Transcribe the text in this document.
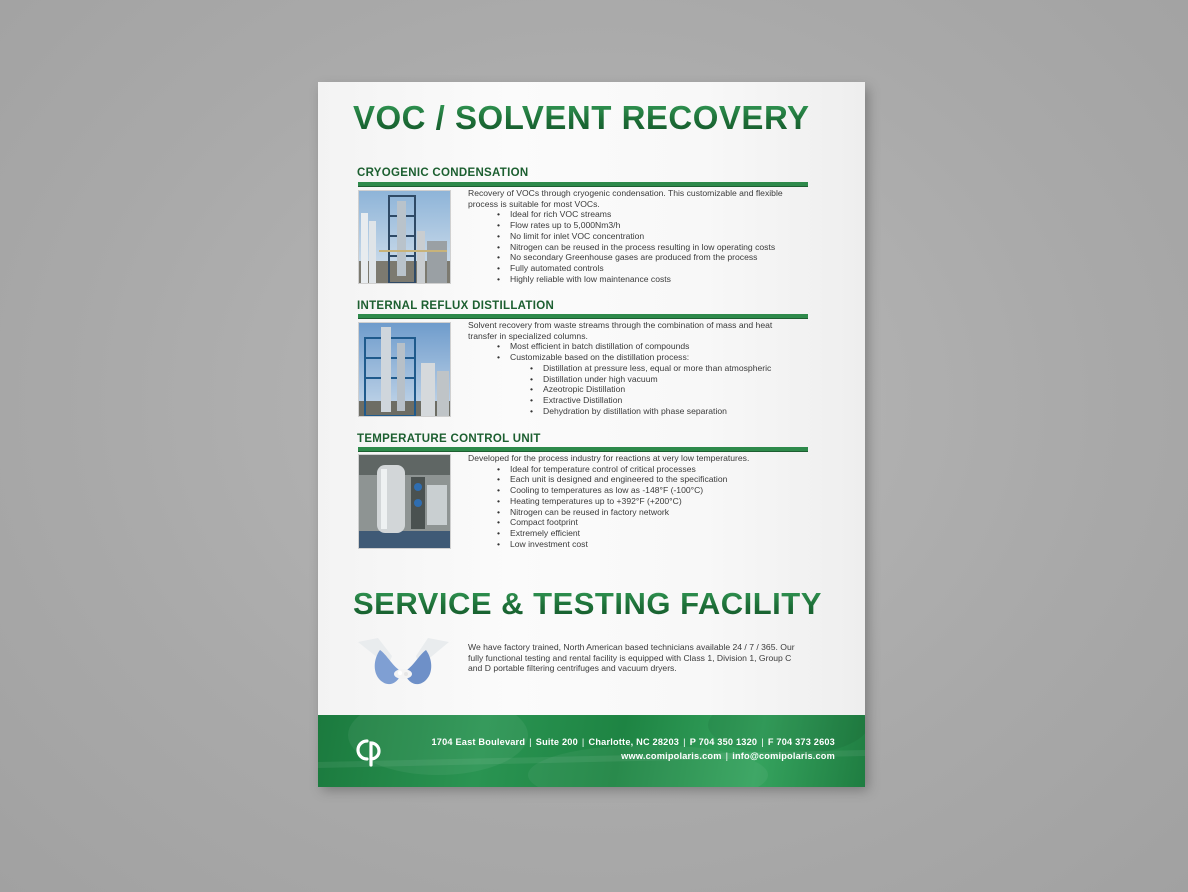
VOC / SOLVENT RECOVERY
CRYOGENIC CONDENSATION

Recovery of VOCs through cryogenic condensation. This customizable and flexible process is suitable for most VOCs.

• Ideal for rich VOC streams
• Flow rates up to 5,000Nm3/h
• No limit for inlet VOC concentration
• Nitrogen can be reused in the process resulting in low operating costs
• No secondary Greenhouse gases are produced from the process
• Fully automated controls
• Highly reliable with low maintenance costs
INTERNAL REFLUX DISTILLATION

Solvent recovery from waste streams through the combination of mass and heat transfer in specialized columns.

• Most efficient in batch distillation of compounds
• Customizable based on the distillation process:
• Distillation at pressure less, equal or more than atmospheric
• Distillation under high vacuum
• Azeotropic Distillation
• Extractive Distillation
• Dehydration by distillation with phase separation
TEMPERATURE CONTROL UNIT

Developed for the process industry for reactions at very low temperatures.

• Ideal for temperature control of critical processes
• Each unit is designed and engineered to the specification
• Cooling to temperatures as low as -148°F (-100°C)
• Heating temperatures up to +392°F (+200°C)
• Nitrogen can be reused in factory network
• Compact footprint
• Extremely efficient
• Low investment cost
SERVICE & TESTING FACILITY

We have factory trained, North American based technicians available 24 / 7 / 365. Our fully functional testing and rental facility is equipped with Class 1, Division 1, Group C and D portable filtering centrifuges and vacuum dryers.

1704 East Boulevard | Suite 200 | Charlotte, NC 28203 | P 704 350 1320 | F 704 373 2603
www.comipolaris.com | info@comipolaris.com
